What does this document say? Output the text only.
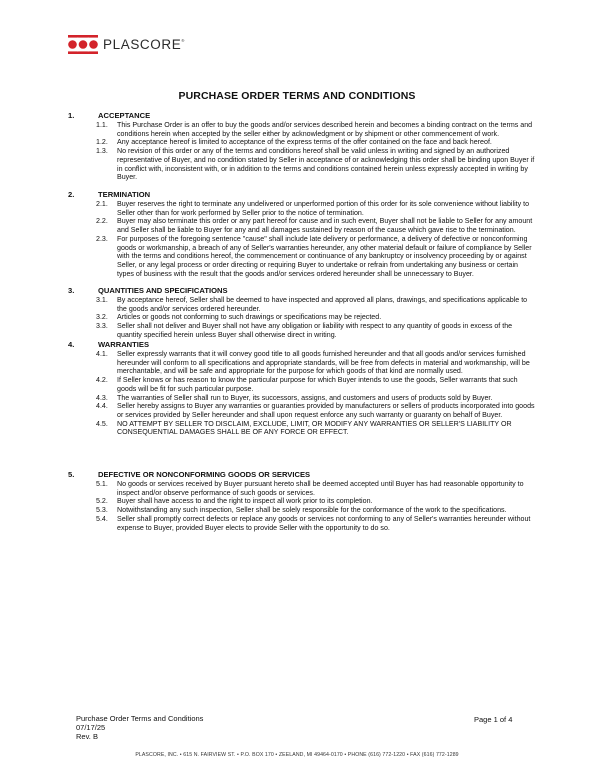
PLASCORE®
PURCHASE ORDER TERMS AND CONDITIONS
1.	ACCEPTANCE
1.1. This Purchase Order is an offer to buy the goods and/or services described herein and becomes a binding contract on the terms and conditions herein when accepted by the seller either by acknowledgment or by shipment or other commencement of work.
1.2. Any acceptance hereof is limited to acceptance of the express terms of the offer contained on the face and back hereof.
1.3. No revision of this order or any of the terms and conditions hereof shall be valid unless in writing and signed by an authorized representative of Buyer, and no condition stated by Seller in acceptance of or acknowledging this order shall be binding upon Buyer if in conflict with, inconsistent with, or in addition to the terms and conditions contained herein unless expressly accepted in writing by Buyer.
2.	TERMINATION
2.1. Buyer reserves the right to terminate any undelivered or unperformed portion of this order for its sole convenience without liability to Seller other than for work performed by Seller prior to the notice of termination.
2.2. Buyer may also terminate this order or any part hereof for cause and in such event, Buyer shall not be liable to Seller for any amount and Seller shall be liable to Buyer for any and all damages sustained by reason of the cause which gave rise to the termination.
2.3. For purposes of the foregoing sentence "cause" shall include late delivery or performance, a delivery of defective or nonconforming goods or workmanship, a breach of any of Seller's warranties hereunder, any other material default or failure of compliance by Seller with the terms and conditions hereof, the commencement or continuance of any bankruptcy or insolvency proceeding by or against Seller, or any legal process or order directing or requiring Buyer to undertake or refrain from undertaking any business or certain types of business with the result that the goods and/or services ordered hereunder shall be unnecessary to Buyer.
3.	QUANTITIES AND SPECIFICATIONS
3.1. By acceptance hereof, Seller shall be deemed to have inspected and approved all plans, drawings, and specifications applicable to the goods and/or services ordered hereunder.
3.2. Articles or goods not conforming to such drawings or specifications may be rejected.
3.3. Seller shall not deliver and Buyer shall not have any obligation or liability with respect to any quantity of goods in excess of the quantity specified herein unless Buyer shall otherwise direct in writing.
4.	WARRANTIES
4.1. Seller expressly warrants that it will convey good title to all goods furnished hereunder and that all goods and/or services furnished hereunder will conform to all specifications and appropriate standards, will be free from defects in material and workmanship, will be merchantable, and will be safe and appropriate for the purpose for which goods of that kind are normally used.
4.2. If Seller knows or has reason to know the particular purpose for which Buyer intends to use the goods, Seller warrants that such goods will be fit for such particular purpose.
4.3. The warranties of Seller shall run to Buyer, its successors, assigns, and customers and users of products sold by Buyer.
4.4. Seller hereby assigns to Buyer any warranties or guaranties provided by manufacturers or sellers of products incorporated into goods or services provided by Seller hereunder and shall upon request enforce any such warranty or guaranty on behalf of Buyer.
4.5. NO ATTEMPT BY SELLER TO DISCLAIM, EXCLUDE, LIMIT, OR MODIFY ANY WARRANTIES OR SELLER'S LIABILITY OR CONSEQUENTIAL DAMAGES SHALL BE OF ANY FORCE OR EFFECT.
5.	DEFECTIVE OR NONCONFORMING GOODS OR SERVICES
5.1. No goods or services received by Buyer pursuant hereto shall be deemed accepted until Buyer has had reasonable opportunity to inspect and/or observe performance of such goods or services.
5.2. Buyer shall have access to and the right to inspect all work prior to its completion.
5.3. Notwithstanding any such inspection, Seller shall be solely responsible for the conformance of the work to the specifications.
5.4. Seller shall promptly correct defects or replace any goods or services not conforming to any of Seller's warranties hereunder without expense to Buyer, provided Buyer elects to provide Seller with the opportunity to do so.
Purchase Order Terms and Conditions
07/17/25
Rev. B
Page 1 of 4
PLASCORE, INC. • 615 N. FAIRVIEW ST. • P.O. BOX 170 • ZEELAND, MI 49464-0170 • PHONE (616) 772-1220 • FAX (616) 772-1289
